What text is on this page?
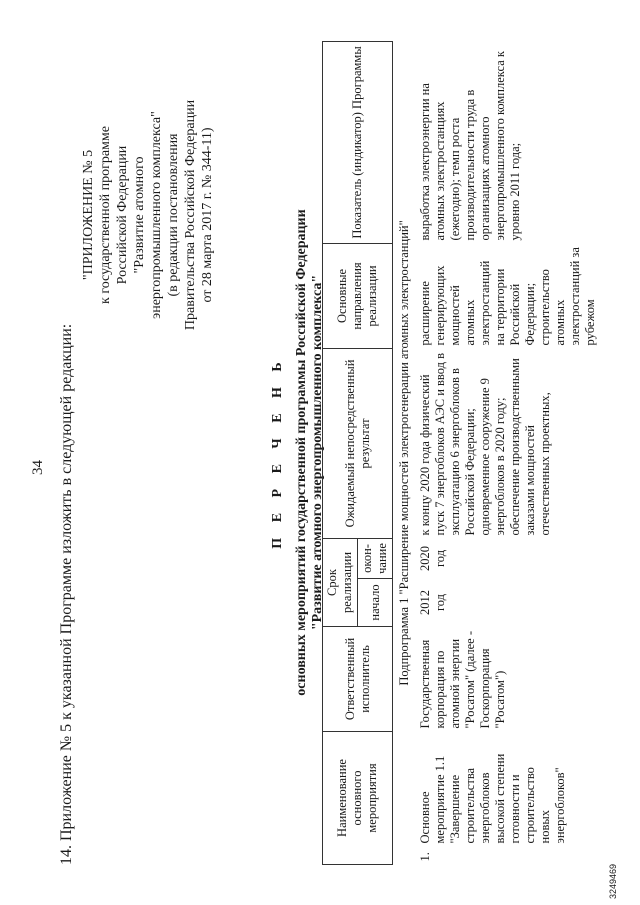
34 14. Приложение № 5 к указанной Программе изложить в следующей редакции:
"ПРИЛОЖЕНИЕ № 5 к государственной программе Российской Федерации "Развитие атомного энергопромышленного комплекса" (в редакции постановления Правительства Российской Федерации от 28 марта 2017 г. № 344-11)
П Е Р Е Ч Е Н Ь основных мероприятий государственной программы Российской Федерации "Развитие атомного энергопромышленного комплекса"
Наименование основного мероприятия		Ответственный исполнитель	Срок реализации		Ожидаемый непосредственный результат	Основные направления реализации	Показатель (индикатор) Программы
			начало	окон-чание			
Подпрограмма 1 "Расширение мощностей электрогенерации атомных электростанций"							
1.	Основное мероприятие 1.1 "Завершение строительства энергоблоков высокой степени готовности и строительство новых энергоблоков"	Государственная корпорация по атомной энергии "Росатом" (далее - Госкорпорация "Росатом")	2012 год	2020 год	к концу 2020 года физический пуск 7 энергоблоков АЭС и ввод в эксплуатацию 6 энергоблоков в Российской Федерации; одновременное сооружение 9 энергоблоков в 2020 году; обеспечение производственными заказами мощностей отечественных проектных,	расширение генерирующих мощностей атомных электростанций на территории Российской Федерации; строительство атомных электростанций за рубежом	выработка электроэнергии на атомных электростанциях (ежегодно); темп роста производительности труда в организациях атомного энергопромышленного комплекса к уровню 2011 года;
3249469
